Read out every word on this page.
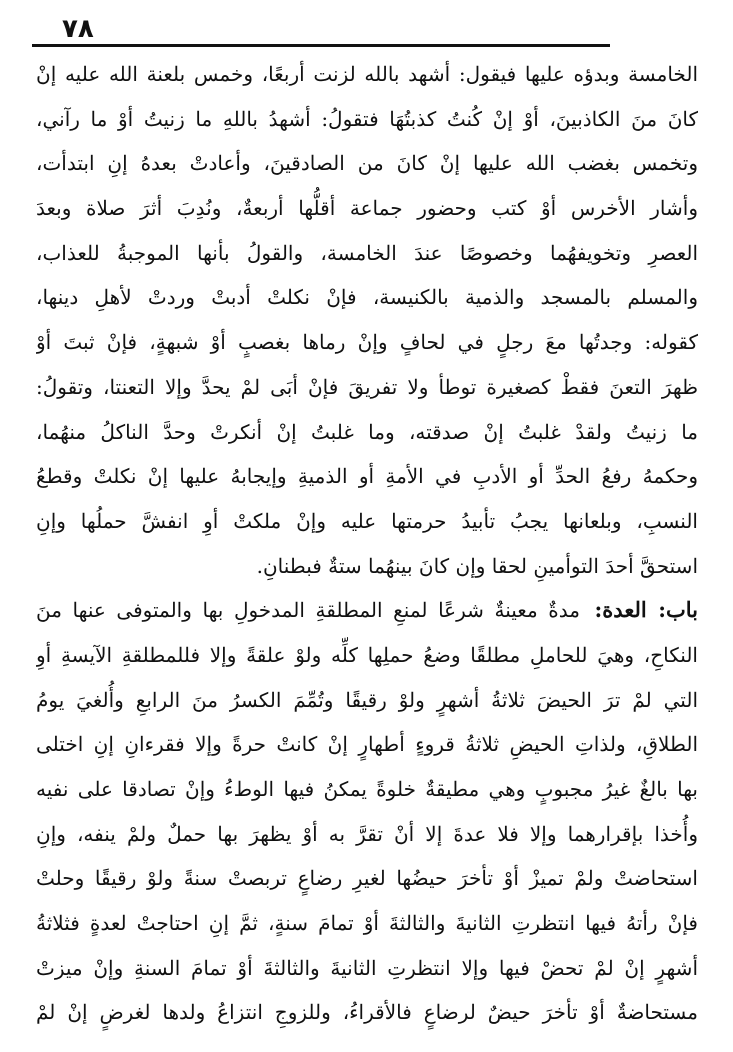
٧٨
الخامسة وبدؤه عليها فيقول: أشهد بالله لزنت أربعًا، وخمس بلعنة الله عليه إنْ
كانَ منَ الكاذبينَ، أوْ إنْ كُنتُ كذبتُهَا فتقولُ: أشهدُ باللهِ ما زنيتُ أوْ ما رآني،
وتخمس بغضب الله عليها إنْ كانَ من الصادقينَ، وأعادتْ بعدهُ إنِ ابتدأت،
وأشار الأخرس أوْ كتب وحضور جماعة أقلُّها أربعةٌ، ونُدِبَ أثرَ صلاة وبعدَ
العصرِ وتخويفهُما وخصوصًا عندَ الخامسة، والقولُ بأنها الموجبةُ للعذاب،
والمسلم بالمسجد والذمية بالكنيسة، فإنْ نكلتْ أدبتْ وردتْ لأهلِ دينها،
كقوله: وجدتُها معَ رجلٍ في لحافٍ وإنْ رماها بغصبٍ أوْ شبهةٍ، فإنْ ثبتَ أوْ
ظهرَ التعنَ فقطْ كصغيرة توطأ ولا تفريقَ فإنْ أبَى لمْ يحدَّ وإلا التعنتا، وتقولُ:
ما زنيتُ ولقدْ غلبتُ إنْ صدقته، وما غلبتُ إنْ أنكرتْ وحدَّ الناكلُ منهُما،
وحكمهُ رفعُ الحدِّ أو الأدبِ في الأمةِ أو الذميةِ وإيجابهُ عليها إنْ نكلتْ وقطعُ
النسبِ، وبلعانها يجبُ تأبيدُ حرمتها عليه وإنْ ملكتْ أوِ انفشَّ حملُها وإنِ
استحقَّ أحدَ التوأمينِ لحقا وإن كانَ بينهُما ستةٌ فبطنانِ.
باب: العدة: مدةٌ معينةٌ شرعًا لمنعِ المطلقةِ المدخولِ بها والمتوفى عنها منَ
النكاحِ، وهيَ للحاملِ مطلقًا وضعُ حملِها كلِّه ولوْ علقةً وإلا فللمطلقةِ الآيسةِ أوِ
التي لمْ ترَ الحيضَ ثلاثةُ أشهرٍ ولوْ رقيقًا وتُمِّمَ الكسرُ منَ الرابعِ وأُلغيَ يومُ
الطلاقِ، ولذاتِ الحيضِ ثلاثةُ قروءٍ أطهارٍ إنْ كانتْ حرةً وإلا فقرءانِ إنِ اختلى
بها بالغٌ غيرُ مجبوبٍ وهي مطيقةٌ خلوةً يمكنُ فيها الوطءُ وإنْ تصادقا على نفيه
وأُخذا بإقرارهما وإلا فلا عدةَ إلا أنْ تقرَّ به أوْ يظهرَ بها حملٌ ولمْ ينفه، وإنِ
استحاضتْ ولمْ تميزْ أوْ تأخرَ حيضُها لغيرِ رضاعٍ تربصتْ سنةً ولوْ رقيقًا وحلتْ
فإنْ رأتهُ فيها انتظرتِ الثانيةَ والثالثةَ أوْ تمامَ سنةٍ، ثمَّ إنِ احتاجتْ لعدةٍ فثلاثةُ
أشهرٍ إنْ لمْ تحضْ فيها وإلا انتظرتِ الثانيةَ والثالثةَ أوْ تمامَ السنةِ وإنْ ميزتْ
مستحاضةٌ أوْ تأخرَ حيضٌ لرضاعٍ فالأقراءُ، وللزوجِ انتزاعُ ولدها لغرضٍ إنْ لمْ
